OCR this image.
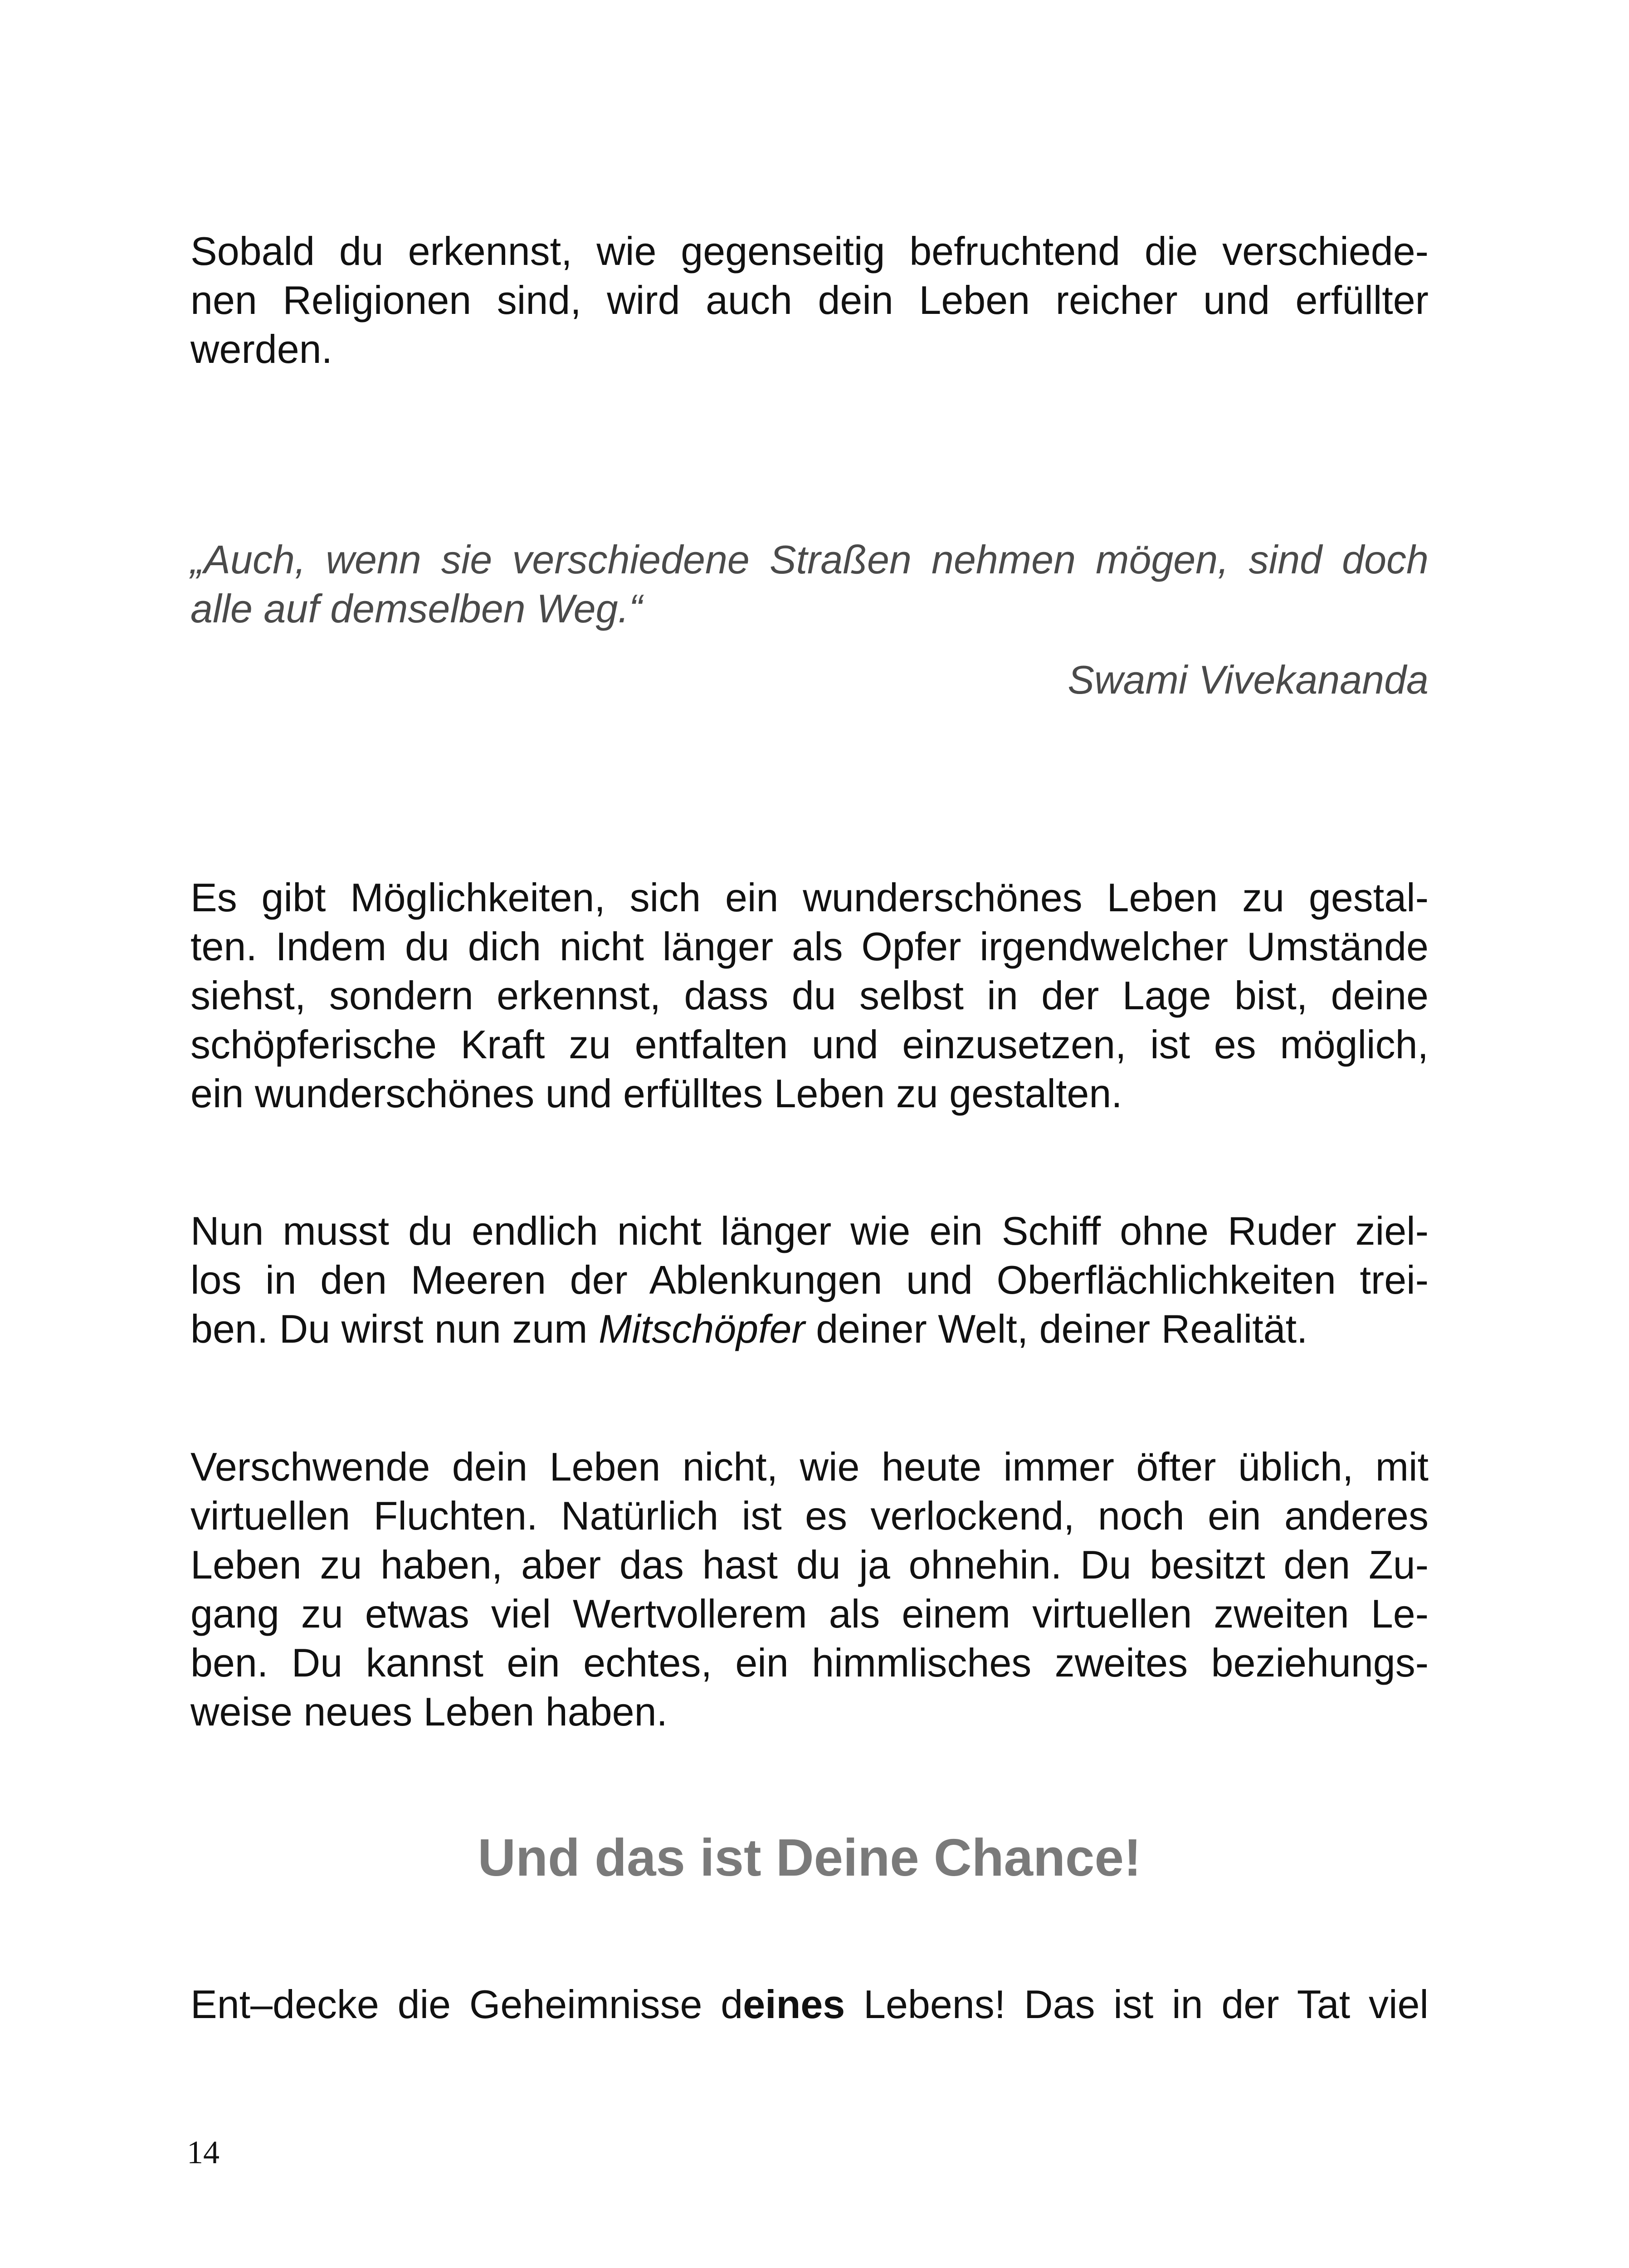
Sobald du erkennst, wie gegenseitig befruchtend die verschiede-
nen Religionen sind, wird auch dein Leben reicher und erfüllter
werden.
„Auch, wenn sie verschiedene Straßen nehmen mögen, sind doch
alle auf demselben Weg.“
Swami Vivekananda
Es gibt Möglichkeiten, sich ein wunderschönes Leben zu gestal-
ten. Indem du dich nicht länger als Opfer irgendwelcher Umstände
siehst, sondern erkennst, dass du selbst in der Lage bist, deine
schöpferische Kraft zu entfalten und einzusetzen, ist es möglich,
ein wunderschönes und erfülltes Leben zu gestalten.
Nun musst du endlich nicht länger wie ein Schiff ohne Ruder ziel-
los in den Meeren der Ablenkungen und Oberflächlichkeiten trei-
ben. Du wirst nun zum Mitschöpfer deiner Welt, deiner Realität.
Verschwende dein Leben nicht, wie heute immer öfter üblich, mit
virtuellen Fluchten. Natürlich ist es verlockend, noch ein anderes
Leben zu haben, aber das hast du ja ohnehin. Du besitzt den Zu-
gang zu etwas viel Wertvollerem als einem virtuellen zweiten Le-
ben. Du kannst ein echtes, ein himmlisches zweites beziehungs-
weise neues Leben haben.
Und das ist Deine Chance!
Ent–decke die Geheimnisse deines Lebens! Das ist in der Tat viel
14
